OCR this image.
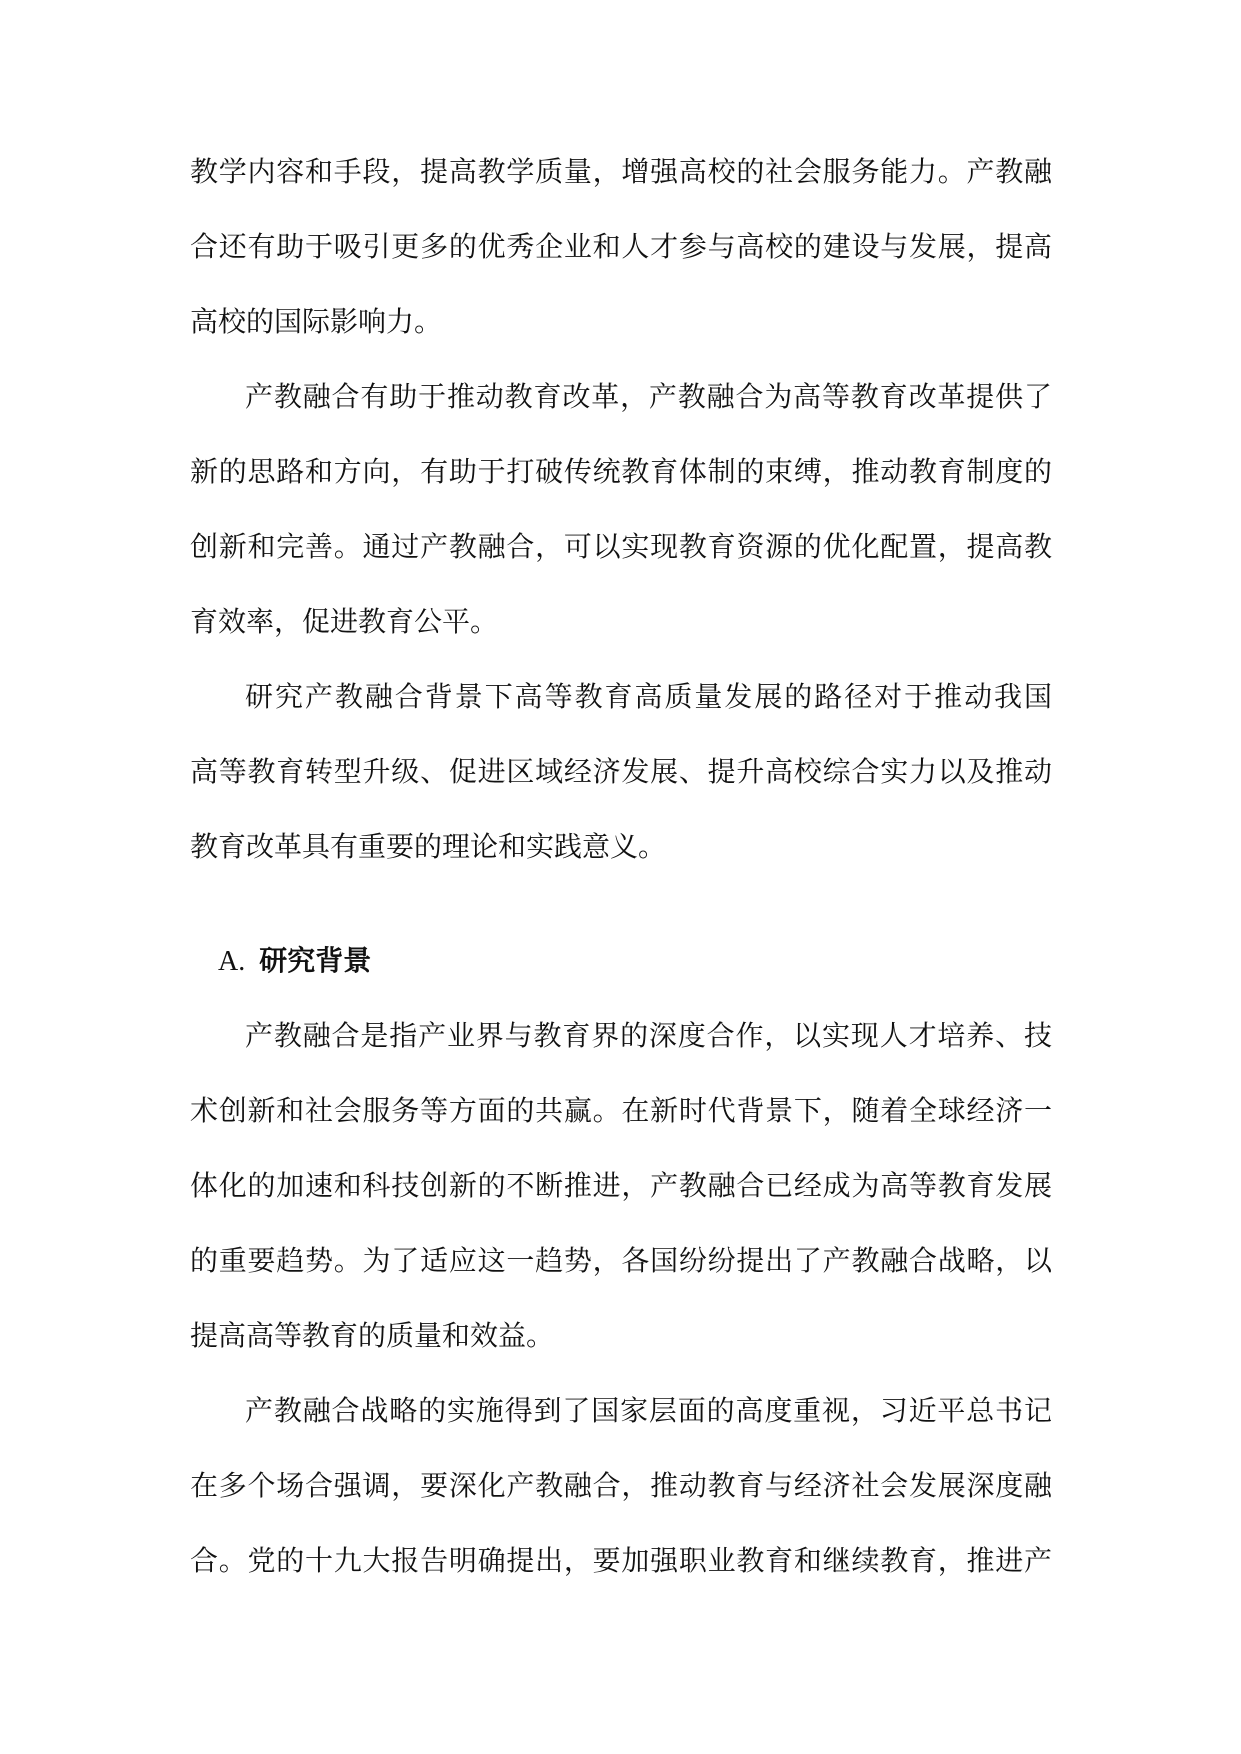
教学内容和手段，提高教学质量，增强高校的社会服务能力。产教融
合还有助于吸引更多的优秀企业和人才参与高校的建设与发展，提高
高校的国际影响力。
产教融合有助于推动教育改革，产教融合为高等教育改革提供了
新的思路和方向，有助于打破传统教育体制的束缚，推动教育制度的
创新和完善。通过产教融合，可以实现教育资源的优化配置，提高教
育效率，促进教育公平。
研究产教融合背景下高等教育高质量发展的路径对于推动我国
高等教育转型升级、促进区域经济发展、提升高校综合实力以及推动
教育改革具有重要的理论和实践意义。
A. 研究背景
产教融合是指产业界与教育界的深度合作，以实现人才培养、技
术创新和社会服务等方面的共赢。在新时代背景下，随着全球经济一
体化的加速和科技创新的不断推进，产教融合已经成为高等教育发展
的重要趋势。为了适应这一趋势，各国纷纷提出了产教融合战略，以
提高高等教育的质量和效益。
产教融合战略的实施得到了国家层面的高度重视，习近平总书记
在多个场合强调，要深化产教融合，推动教育与经济社会发展深度融
合。党的十九大报告明确提出，要加强职业教育和继续教育，推进产
